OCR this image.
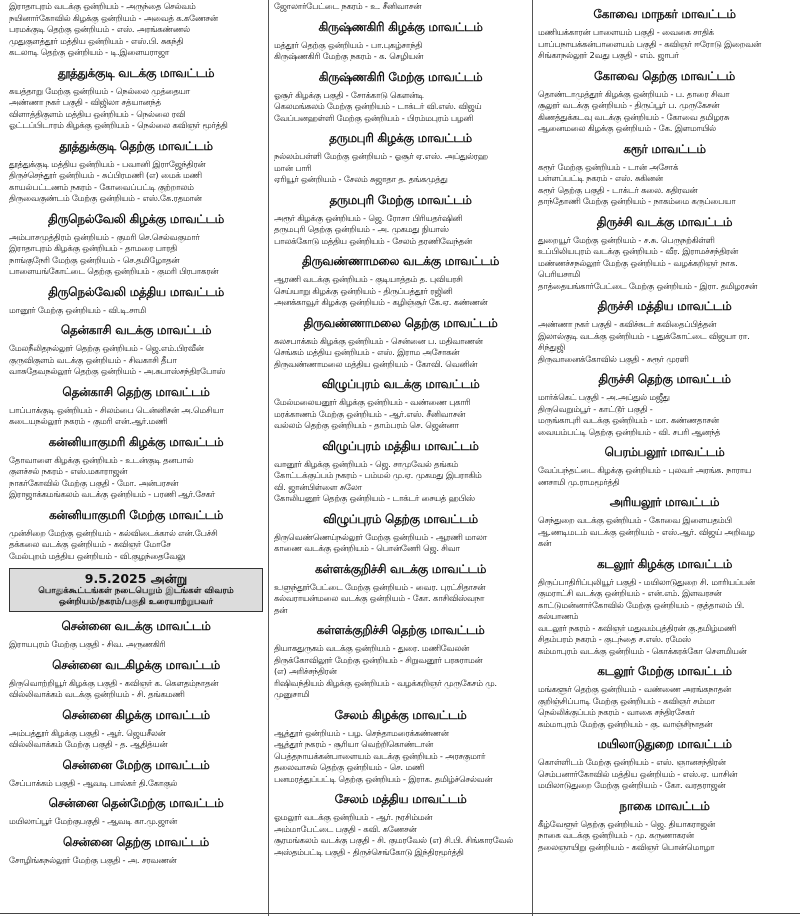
இராதாபுரம் வடக்கு ஒன்றியம் - அருந்தை செல்வம்

நயினார்கோவில் கிழக்கு ஒன்றியம் - அவைத் க.கணேசன்

பரமக்குடி தெற்கு ஒன்றியம் - எஸ். அரங்கண்ணல்

முதுகுளத்தூர் மத்திய ஒன்றியம் - எஸ்.பி. சுகந்தி

கடலாடி தெற்கு ஒன்றியம் - டி.இளையராஜா

தூத்துக்குடி வடக்கு மாவட்டம்

கயத்தாறு மேற்கு ஒன்றியம் - நெல்லை முத்தையா

அண்ணா நகர் பகுதி - விஜிலா சத்யானந்த்

விளாத்திகுளம் மத்திய ஒன்றியம் - நெல்லை ரவி

ஓட்டப்பிடாரம் கிழக்கு ஒன்றியம் - நெல்லை கவிஞர் மூர்த்தி

தூத்துக்குடி தெற்கு மாவட்டம்

தூத்துக்குடி மத்திய ஒன்றியம் - பவானி இராஜேந்திரன்

திருச்செந்தூர் ஒன்றியம் - சுப்பிரமணி (எ) மைக் மணி

காயல்பட்டணம் நகரம் - கோவைப்பட்டி குற்றாலம்

திருவைகுண்டம் மேற்கு ஒன்றியம் - எஸ்.கே.ரதமான்

திருநெல்வேலி கிழக்கு மாவட்டம்

அம்பாசமுத்திரம் ஒன்றியம் - குமரி செ.செல்வகுமார்

இராதாபுரம் கிழக்கு ஒன்றியம் - தாமரை பாரதி

நாங்குநேரி மேற்கு ஒன்றியம் - செ.தமிழோதன்

பாளையங்கோட்டை தெற்கு ஒன்றியம் - குமரி பிரபாகரன்

திருநெல்வேலி மத்திய மாவட்டம்

மானூர் மேற்கு ஒன்றியம் - வி.டி.சாமி

தென்காசி வடக்கு மாவட்டம்

மேலநீலிதநல்லூர் தெற்கு ஒன்றியம் - ஜெ.எம்.பிரவீன்

குருவிகுளம் வடக்கு ஒன்றியம் - சிவகாசி தீபா

வாசுதேவநல்லூர் தெற்கு ஒன்றியம் - அ.சுபாஸ்சந்திரபோஸ்

தென்காசி தெற்கு மாவட்டம்

பாப்பாக்குடி ஒன்றியம் - சிலம்பை டென்னிசன் அ.மெசியா

கடையநல்லூர் நகரம் - குமரி என்.ஆர்.மணி

கன்னியாகுமரி கிழக்கு மாவட்டம்

தோவாளை கிழக்கு ஒன்றியம் - உடன்குடி தனபால்

குளச்சல் நகரம் - எஸ்.மகாராஜன்

நாகர்கோவில் மேற்கு பகுதி - மோ. அன்பரசன்

இராஜாக்கமங்கலம் வடக்கு ஒன்றியம் - பரணி ஆர்.சேகர்

கன்னியாகுமரி மேற்கு மாவட்டம்

முன்சிறை மேற்கு ஒன்றியம் - கல்விடைக்கால் என்.பேச்சி

தக்கலை வடக்கு ஒன்றியம் - கவிஞர் மோசே

மேல்புறம் மத்திய ஒன்றியம் - வி.குழந்தைவேலு

9.5.2025 அன்று
பொதுக்கூட்டங்கள் நடைபெறும் இடங்கள் விவரம்
ஒன்றியம்/நகரம்/பகுதி உரையாற்றுபவர்
சென்னை வடக்கு மாவட்டம்

இராயபுரம் மேற்கு பகுதி - சிவ. அருணகிரி

சென்னை வடகிழக்கு மாவட்டம்

திருவொற்றியூர் கிழக்கு பகுதி - கவிஞர் க. கௌதம்நாதன்

வில்லிவாக்கம் வடக்கு ஒன்றியம் - சி. தங்கமணி

சென்னை கிழக்கு மாவட்டம்

அம்பத்தூர் கிழக்கு பகுதி - ஆர். ஜெயசீலன்

வில்லிவாக்கம் மேற்கு பகுதி - த. ஆதித்யன்

சென்னை மேற்கு மாவட்டம்

சேப்பாக்கம் பகுதி - ஆவடி பால்கர் தி.கோகுல்

சென்னை தென்மேற்கு மாவட்டம்

மயிலாப்பூர் மேற்குபகுதி - ஆவடி கா.மு.ஜான்

சென்னை தெற்கு மாவட்டம்

சோழிங்கநல்லூர் மேற்கு பகுதி - அ. சரவணன்

ஜோலார்பேட்டை நகரம் - உ. சீனிவாசன்

கிருஷ்ணகிரி கிழக்கு மாவட்டம்

மத்தூர் தெற்கு ஒன்றியம் - பா.புகழ்சாந்தி

கிருஷ்ணகிரி மேற்கு நகரம் - க. செழியன்

கிருஷ்ணகிரி மேற்கு மாவட்டம்

ஓசூர் கிழக்கு பகுதி - சோக்காடு கௌன்டி

கெலமங்கலம் மேற்கு ஒன்றியம் - டாக்டர் வி.எஸ். விஜய்

வேப்பனஹள்ளி மேற்கு ஒன்றியம் - பிரம்மபுரம் பழனி

தருமபுரி கிழக்கு மாவட்டம்

நல்லம்பள்ளி மேற்கு ஒன்றியம் - ஓசூர் ஏ.எஸ். அப்துல்ரஹ

மான் பாரி

ஏரியூர் ஒன்றியம் - சேலம் சுஜாதா த. தங்கமுத்து

தருமபுரி மேற்கு மாவட்டம்

அரூர் கிழக்கு ஒன்றியம் - ஜெ. ரோசா பிரியதர்ஷினி

தருமபுரி தெற்கு ஒன்றியம் - அ. முகமது நியாஸ்

பாலக்கோடு மத்திய ஒன்றியம் - சேலம் தரணிவேந்தன்

திருவண்ணாமலை வடக்கு மாவட்டம்

ஆரணி வடக்கு ஒன்றியம் - குடியாத்தம் த. புவியரசி

செய்யாறு கிழக்கு ஒன்றியம் - திருப்பத்தூர் ரஜினி

அனக்காவூர் கிழக்கு ஒன்றியம் - கழிஞ்சூர் கே.ஏ. கண்ணன்

திருவண்ணாமலை தெற்கு மாவட்டம்

கலசபாக்கம் கிழக்கு ஒன்றியம் - சென்னை ப. மதிவாணன்

செங்கம் மத்திய ஒன்றியம் - எஸ். இராம அசோகன்

திருவண்ணாமலை மத்திய ஒன்றியம் - கோவி. வெனின்

விழுப்புரம் வடக்கு மாவட்டம்

மேல்மலையனூர் கிழக்கு ஒன்றியம் - வண்ணை புகாரி

மரக்காணம் மேற்கு ஒன்றியம் - ஆர்.எஸ். சீனிவாசன்

வல்லம் தெற்கு ஒன்றியம் - தாம்பரம் செ. ஜென்னா

விழுப்புரம் மத்திய மாவட்டம்

வானூர் கிழக்கு ஒன்றியம் - ஜெ. சாமுவேல் தங்கம்

கோட்டக்குப்பம் நகரம் - பம்மல் மு.ஏ. முகமது இபராகிம்

வி. ஜான்பிள்ளை சுலோ

கோலியனூர் தெற்கு ஒன்றியம் - டாக்டர் சையத் ஹபிஸ்

விழுப்புரம் தெற்கு மாவட்டம்

திருவெண்ணெய்நல்லூர் மேற்கு ஒன்றியம் - ஆரணி மாலா

காணை வடக்கு ஒன்றியம் - பொன்னேரி ஜெ. சிவா

கள்ளக்குறிச்சி வடக்கு மாவட்டம்

உளுந்தூர்பேட்டை மேற்கு ஒன்றியம் - வைர. புரட்சிதாசன்

கல்வராயன்மலை வடக்கு ஒன்றியம் - கோ. காசிவிஸ்வநா

தன்

கள்ளக்குறிச்சி தெற்கு மாவட்டம்

தியாகதுருகம் வடக்கு ஒன்றியம் - துரை. மணிவேலன்

திருக்கோவிலூர் மேற்கு ஒன்றியம் - சிறுவனூர் பரசுராமன்

(எ) அரிச்சந்திரன்

ரிஷிவந்தியம் கிழக்கு ஒன்றியம் - வழக்கறிஞர் முருகேசம் மு.

முனுசாமி

சேலம் கிழக்கு மாவட்டம்

ஆத்தூர் ஒன்றியம் - பழ. செந்தாமரைக்கண்ணன்

ஆத்தூர் நகரம் - சூரியா வெற்றிகொண்டான்

பெத்தநாயக்கன்பாளையம் வடக்கு ஒன்றியம் - அரசகுமார்

தலைவாசல் தெற்கு ஒன்றியம் - செ. மணி

பனமரத்துப்பட்டி தெற்கு ஒன்றியம் - இராக. தமிழ்ச்செல்வன்

சேலம் மத்திய மாவட்டம்

ஓமலூர் வடக்கு ஒன்றியம் - ஆர். நரசிம்மன்

அம்மாபேட்டை பகுதி - கவி. கணேசன்

சூரமங்கலம் வடக்கு பகுதி - சி. குமரவேல் (எ) சி.பி. சிங்காரவேல்

அஸ்தம்பட்டி பகுதி - திருச்செங்கோடு இந்திரமூர்த்தி

கோவை மாநகர் மாவட்டம்

மணியக்காரன் பாளையம் பகுதி - வைகை சாதிக்

பாப்பநாயக்கன்பாளையம் பகுதி - கவிஞர் ஈரோடு இறைவன்

சிங்காநல்லூர் 2வது பகுதி - எம். ஜாபர்

கோவை தெற்கு மாவட்டம்

தொண்டாமுத்தூர் கிழக்கு ஒன்றியம் - ப. தாரை சிவா

சூலூர் வடக்கு ஒன்றியம் - திருப்பூர் ப. முருகேசன்

கிணத்துக்கடவு வடக்கு ஒன்றியம் - கோவை தமிழரசு

ஆனைமலை கிழக்கு ஒன்றியம் - கே. இளமாயில்

கரூர் மாவட்டம்

கரூர் மேற்கு ஒன்றியம் - டான் அசோக்

பள்ளப்பட்டி நகரம் - எஸ். சுகினன்

கரூர் தெற்கு பகுதி - டாக்டர் கலை. கதிரவன்

தாந்தோணி மேற்கு ஒன்றியம் - நாகம்மை கருப்பையா

திருச்சி வடக்கு மாவட்டம்

துறையூர் மேற்கு ஒன்றியம் - ச.சு. பெருநற்கிள்ளி

உப்பிலியபுரம் வடக்கு ஒன்றியம் - வீர. இராமச்சந்திரன்

மண்ணச்சநல்லூர் மேற்கு ஒன்றியம் - வழக்கறிஞர் நாக.

பெரியசாமி

தாத்தையங்கார்பேட்டை மேற்கு ஒன்றியம் - இரா. தமிழரசன்

திருச்சி மத்திய மாவட்டம்

அண்ணா நகர் பகுதி - கவிச்சுடர் கவிதைப்பித்தன்

இலால்குடி வடக்கு ஒன்றியம் - புதுக்கோட்டை விஜயா ரா.

சிந்துஜி

திருவானைக்கோவில் பகுதி - சுரூர் முரளி

திருச்சி தெற்கு மாவட்டம்

மார்க்கெட் பகுதி - அ.அப்துல் மஜீது

திருவெறும்பூர் - காட்டூர் பகுதி -

மருங்காபுரி வடக்கு ஒன்றியம் - மா. கண்ணதாசன்

வையம்பட்டி தெற்கு ஒன்றியம் - வி. சபரி ஆனந்த்

பெரம்பலூர் மாவட்டம்

வேப்பந்தட்டை கிழக்கு ஒன்றியம் - புலவர் அரங்க. நாராய

ணசாமி மு.ராமமூர்த்தி

அரியலூர் மாவட்டம்

செந்துறை வடக்கு ஒன்றியம் - கோவை இளையதம்பி

ஆ.ணடிமடம் வடக்கு ஒன்றியம் - எஸ்.ஆர். விஜய் அறிவழ

கன்

கடலூர் கிழக்கு மாவட்டம்

திருப்பாதிரிப்புலியூர் பகுதி - மயிலாடுதுறை சி. மாரியப்பன்

குமராட்சி வடக்கு ஒன்றியம் - என்.எம். இளவரசன்

காட்டுமன்னார்கோவில் மேற்கு ஒன்றியம் - குத்தாலம் பி.

கல்யாணம்

வடலூர் நகரம் - கவிஞர் மதுவம்புத்திரன் கு.தமிழ்மணி

சிதம்பரம் நகரம் - குடந்தை ச.எஸ். ரமேஸ்

கம்மாபுரம் வடக்கு ஒன்றியம் - கொக்கரக்கோ சௌமியன்

கடலூர் மேற்கு மாவட்டம்

மங்களூர் தெற்கு ஒன்றியம் - வண்ணை அரங்கநாதன்

குறிஞ்சிப்பாடி மேற்கு ஒன்றியம் - கவிஞர் சம்மா

நெல்லிக்குப்பம் நகரம் - வாகை சந்திரசேகர்

கம்மாபுரம் மேற்கு ஒன்றியம் - கு. வாஞ்சிநாதன்

மயிலாடுதுறை மாவட்டம்

கொள்ளிடம் மேற்கு ஒன்றியம் - எஸ். ஞானசந்திரன்

செம்பனார்கோவில் மத்திய ஒன்றியம் - எஸ்.ஏ. யாசின்

மயிலாடுதுறை மேற்கு ஒன்றியம் - கோ. வரதராஜன்

நாகை மாவட்டம்

கீழ்வேளூர் தெற்கு ஒன்றியம் - ஜெ. தியாகராஜன்

நாகை வடக்கு ஒன்றியம் - மு. கருணாகரன்

தலைஞாயிறு ஒன்றியம் - கவிஞர் பொன்மொழா
